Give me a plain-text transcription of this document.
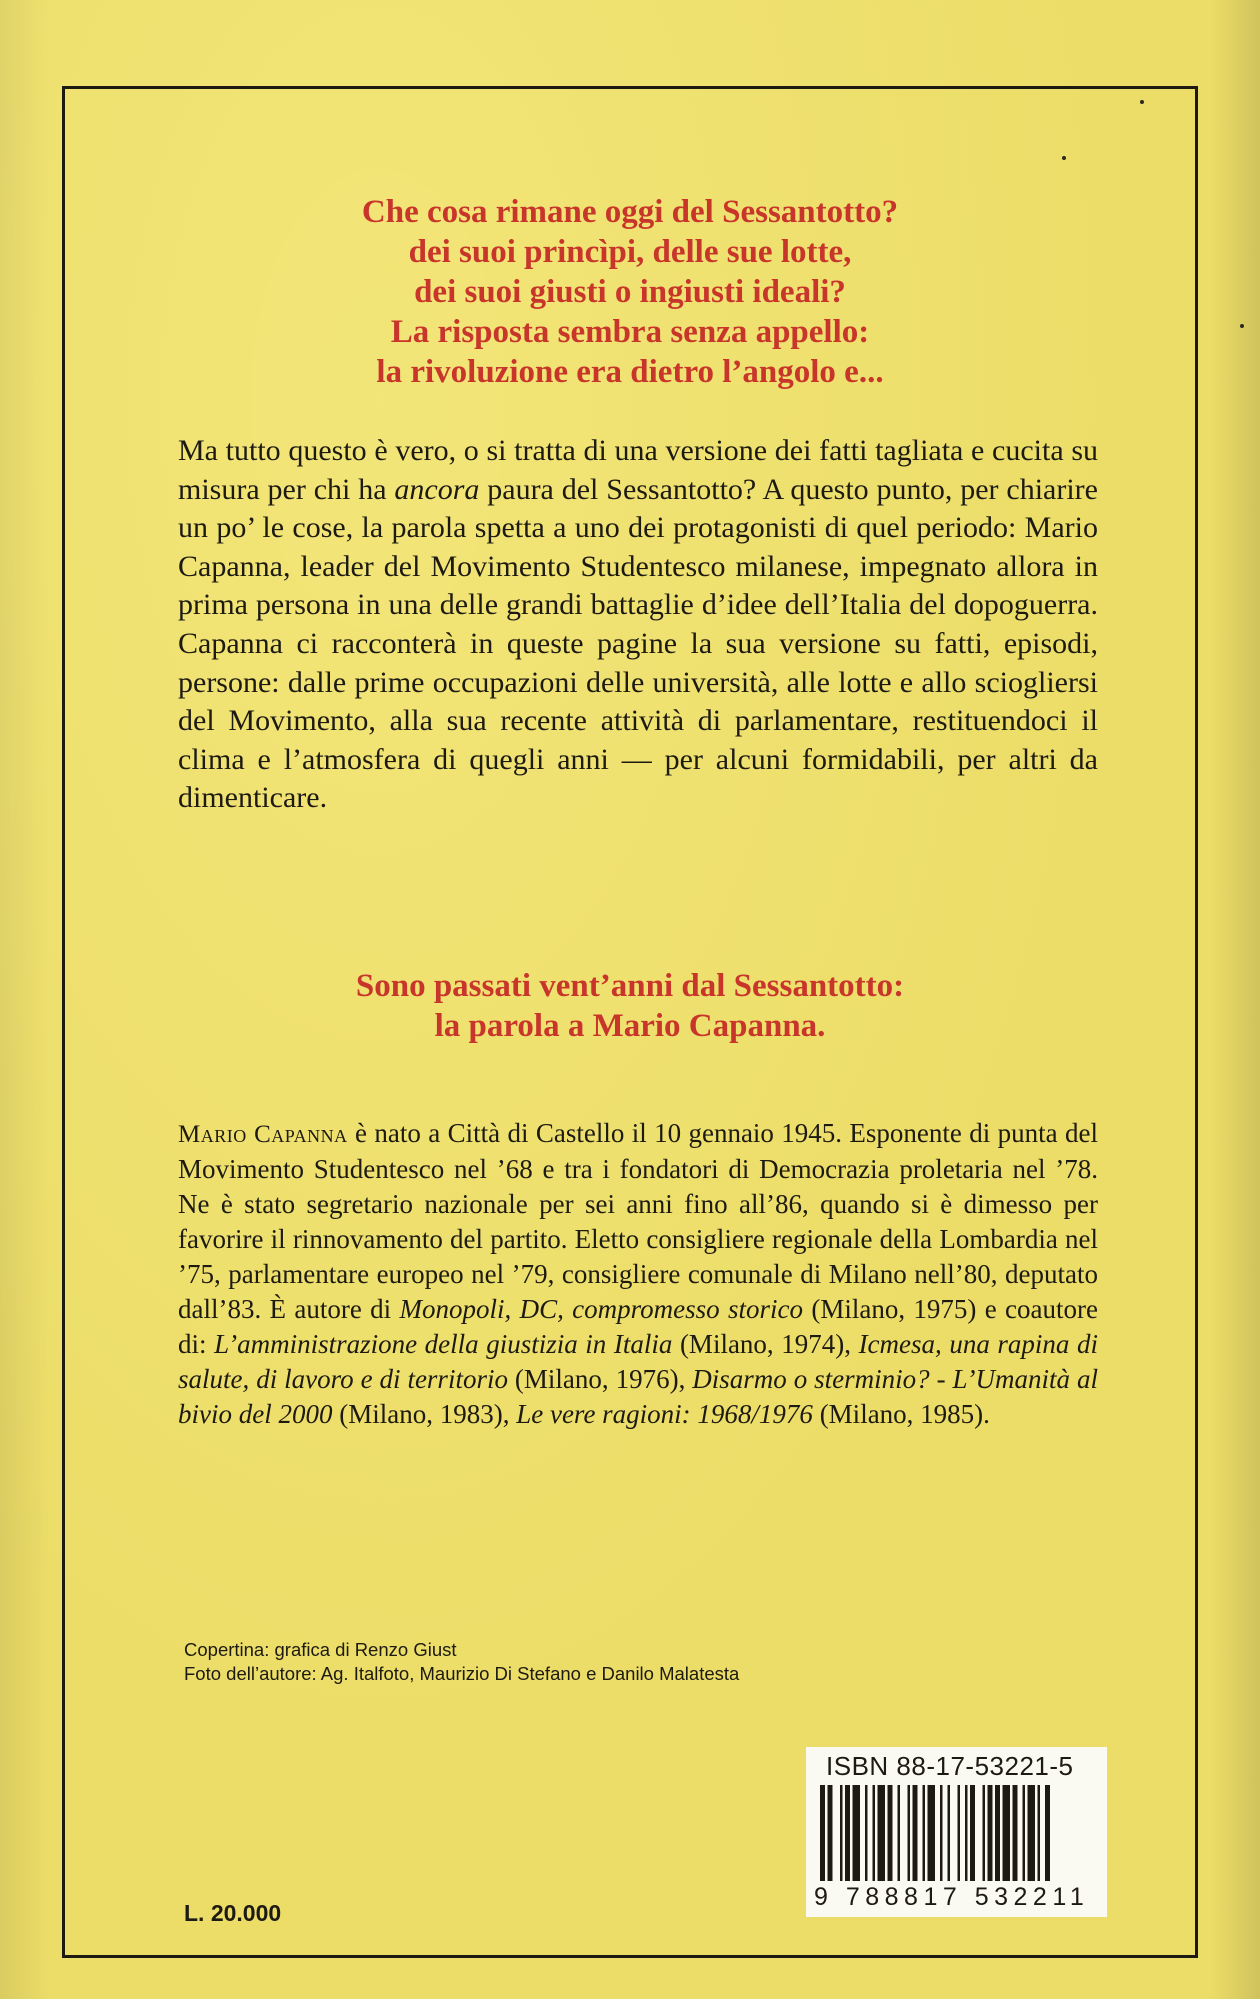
Che cosa rimane oggi del Sessantotto?
dei suoi princìpi, delle sue lotte,
dei suoi giusti o ingiusti ideali?
La risposta sembra senza appello:
la rivoluzione era dietro l’angolo e...
Ma tutto questo è vero, o si tratta di una versione dei fatti tagliata e cucita su misura per chi ha ancora paura del Sessantotto? A questo punto, per chiarire un po’ le cose, la parola spetta a uno dei protagonisti di quel periodo: Mario Capanna, leader del Movimento Studentesco milanese, impegnato allora in prima persona in una delle grandi battaglie d’idee dell’Italia del dopoguerra. Capanna ci racconterà in queste pagine la sua versione su fatti, episodi, persone: dalle prime occupazioni delle università, alle lotte e allo sciogliersi del Movimento, alla sua recente attività di parlamentare, restituendoci il clima e l’atmosfera di quegli anni — per alcuni formidabili, per altri da dimenticare.
Sono passati vent’anni dal Sessantotto:
la parola a Mario Capanna.
Mario Capanna è nato a Città di Castello il 10 gennaio 1945. Esponente di punta del Movimento Studentesco nel ’68 e tra i fondatori di Democrazia proletaria nel ’78. Ne è stato segretario nazionale per sei anni fino all’86, quando si è dimesso per favorire il rinnovamento del partito. Eletto consigliere regionale della Lombardia nel ’75, parlamentare europeo nel ’79, consigliere comunale di Milano nell’80, deputato dall’83. È autore di Monopoli, DC, compromesso storico (Milano, 1975) e coautore di: L’amministrazione della giustizia in Italia (Milano, 1974), Icmesa, una rapina di salute, di lavoro e di territorio (Milano, 1976), Disarmo o sterminio? - L’Umanità al bivio del 2000 (Milano, 1983), Le vere ragioni: 1968/1976 (Milano, 1985).
Copertina: grafica di Renzo Giust
Foto dell’autore: Ag. Italfoto, Maurizio Di Stefano e Danilo Malatesta
L. 20.000
ISBN 88-17-53221-5
9 788817 532211
